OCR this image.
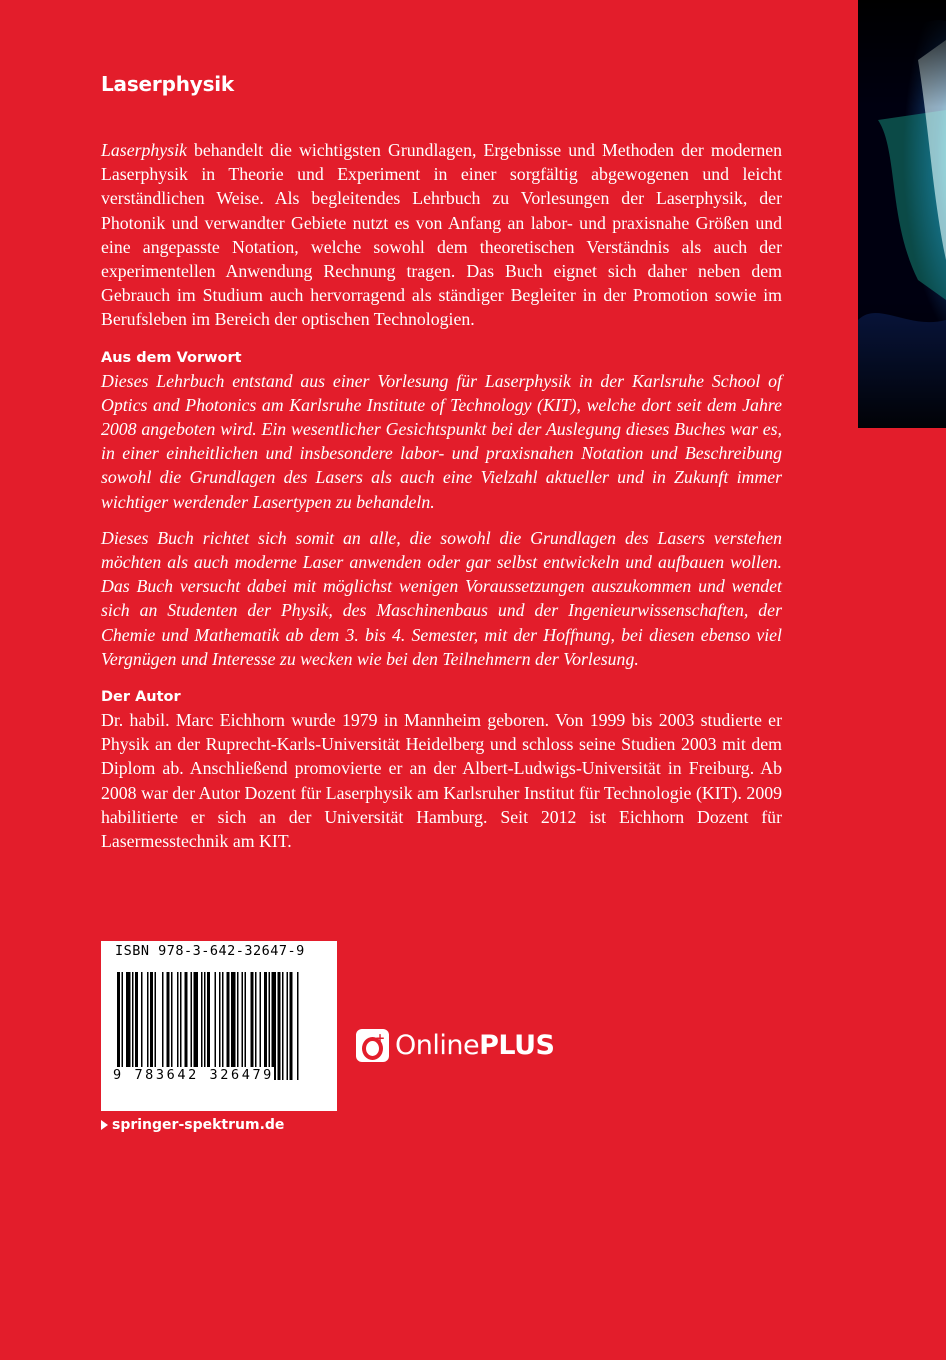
Laserphysik

Laserphysik behandelt die wichtigsten Grundlagen, Ergebnisse und Methoden der modernen Laserphysik in Theorie und Experiment in einer sorgfältig abgewogenen und leicht verständlichen Weise. Als begleitendes Lehrbuch zu Vorlesungen der Laserphysik, der Photonik und verwandter Gebiete nutzt es von Anfang an labor- und praxisnahe Größen und eine angepasste Notation, welche sowohl dem theoretischen Verständnis als auch der experimentellen Anwendung Rechnung tragen. Das Buch eignet sich daher neben dem Gebrauch im Studium auch hervorragend als ständiger Begleiter in der Promotion sowie im Berufsleben im Bereich der optischen Technologien.

Aus dem Vorwort

Dieses Lehrbuch entstand aus einer Vorlesung für Laserphysik in der Karlsruhe School of Optics and Photonics am Karlsruhe Institute of Technology (KIT), welche dort seit dem Jahre 2008 angeboten wird. Ein wesentlicher Gesichtspunkt bei der Auslegung dieses Buches war es, in einer einheitlichen und insbesondere labor- und praxisnahen Notation und Beschreibung sowohl die Grundlagen des Lasers als auch eine Vielzahl aktueller und in Zukunft immer wichtiger werdender Lasertypen zu behandeln.

Dieses Buch richtet sich somit an alle, die sowohl die Grundlagen des Lasers verstehen möchten als auch moderne Laser anwenden oder gar selbst entwickeln und aufbauen wollen. Das Buch versucht dabei mit möglichst wenigen Voraussetzungen auszukommen und wendet sich an Studenten der Physik, des Maschinenbaus und der Ingenieurwissenschaften, der Chemie und Mathematik ab dem 3. bis 4. Semester, mit der Hoffnung, bei diesen ebenso viel Vergnügen und Interesse zu wecken wie bei den Teilnehmern der Vorlesung.

Der Autor

Dr. habil. Marc Eichhorn wurde 1979 in Mannheim geboren. Von 1999 bis 2003 studierte er Physik an der Ruprecht-Karls-Universität Heidelberg und schloss seine Studien 2003 mit dem Diplom ab. Anschließend promovierte er an der Albert-Ludwigs-Universität in Freiburg. Ab 2008 war der Autor Dozent für Laserphysik am Karlsruher Institut für Technologie (KIT). 2009 habilitierte er sich an der Universität Hamburg. Seit 2012 ist Eichhorn Dozent für Lasermesstechnik am KIT.

ISBN 978-3-642-32647-9
9 783642 326479
+ OnlinePLUS
springer-spektrum.de
